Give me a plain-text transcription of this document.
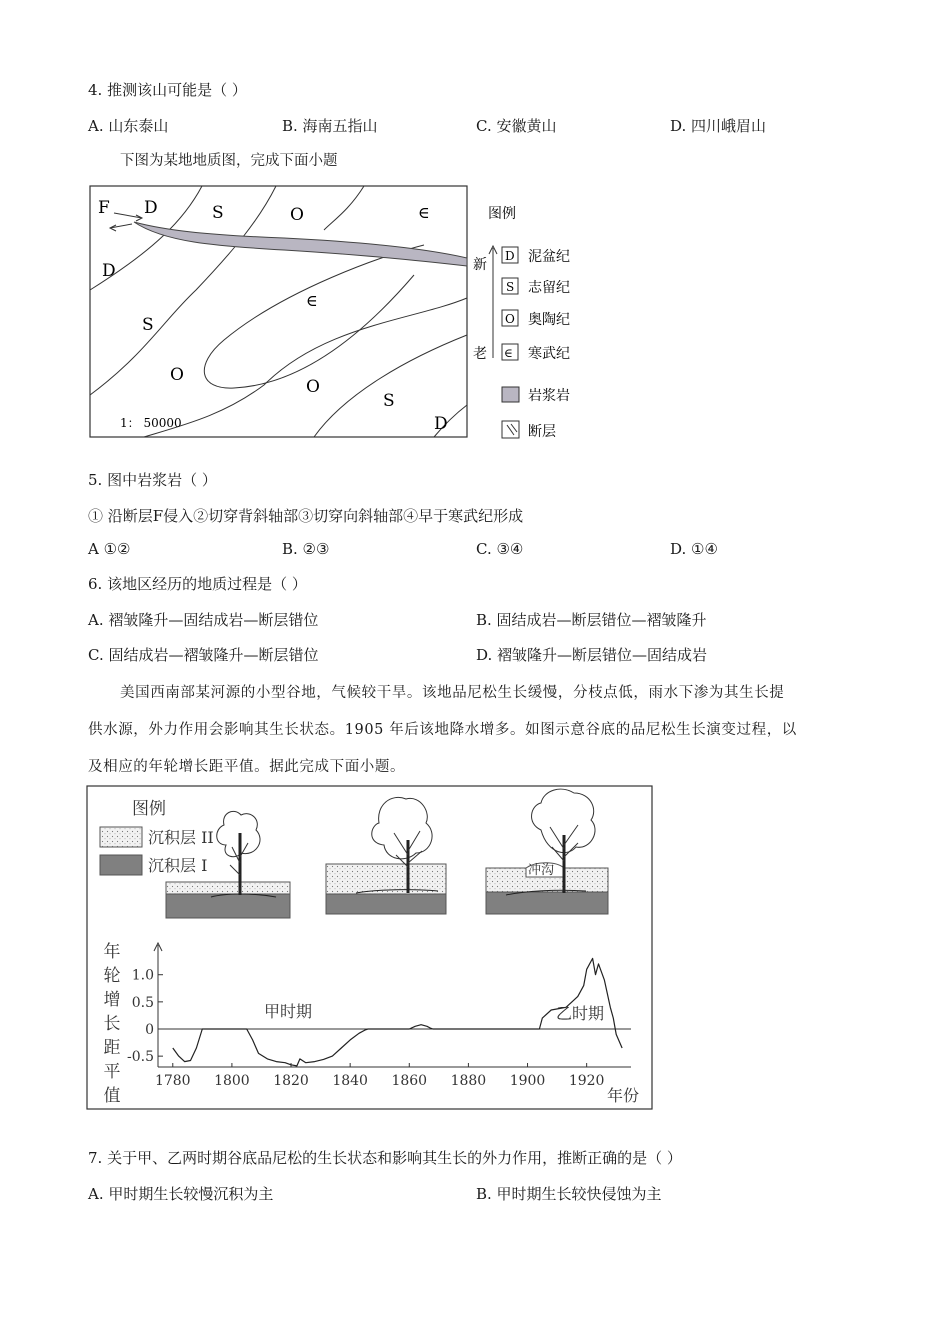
4. 推测该山可能是（ ）
A. 山东泰山	B. 海南五指山	C. 安徽黄山	D. 四川峨眉山
下图为某地地质图，完成下面小题
F D	S	O	∈
D
S
∈
O
O
S
D
1： 50000
图例
新
老
D 泥盆纪
S 志留纪
O 奥陶纪
∈ 寒武纪
岩浆岩
断层
5. 图中岩浆岩（ ）
① 沿断层F侵入②切穿背斜轴部③切穿向斜轴部④早于寒武纪形成
A ①②	B. ②③	C. ③④	D. ①④
6. 该地区经历的地质过程是（ ）
A. 褶皱隆升—固结成岩—断层错位	B. 固结成岩—断层错位—褶皱隆升
C. 固结成岩—褶皱隆升—断层错位	D. 褶皱隆升—断层错位—固结成岩
美国西南部某河源的小型谷地，气候较干旱。该地品尼松生长缓慢，分枝点低，雨水下渗为其生长提
供水源，外力作用会影响其生长状态。1905 年后该地降水增多。如图示意谷底的品尼松生长演变过程，以
及相应的年轮增长距平值。据此完成下面小题。
图例
沉积层 II
沉积层 I	冲沟
年
轮
增
长
距
平
值
1.0
0.5
0
-0.5
1780 1800 1820 1840 1860 1880 1900 1920
甲时期	乙时期
年份
7. 关于甲、乙两时期谷底品尼松的生长状态和影响其生长的外力作用，推断正确的是（ ）
A. 甲时期生长较慢沉积为主	B. 甲时期生长较快侵蚀为主
